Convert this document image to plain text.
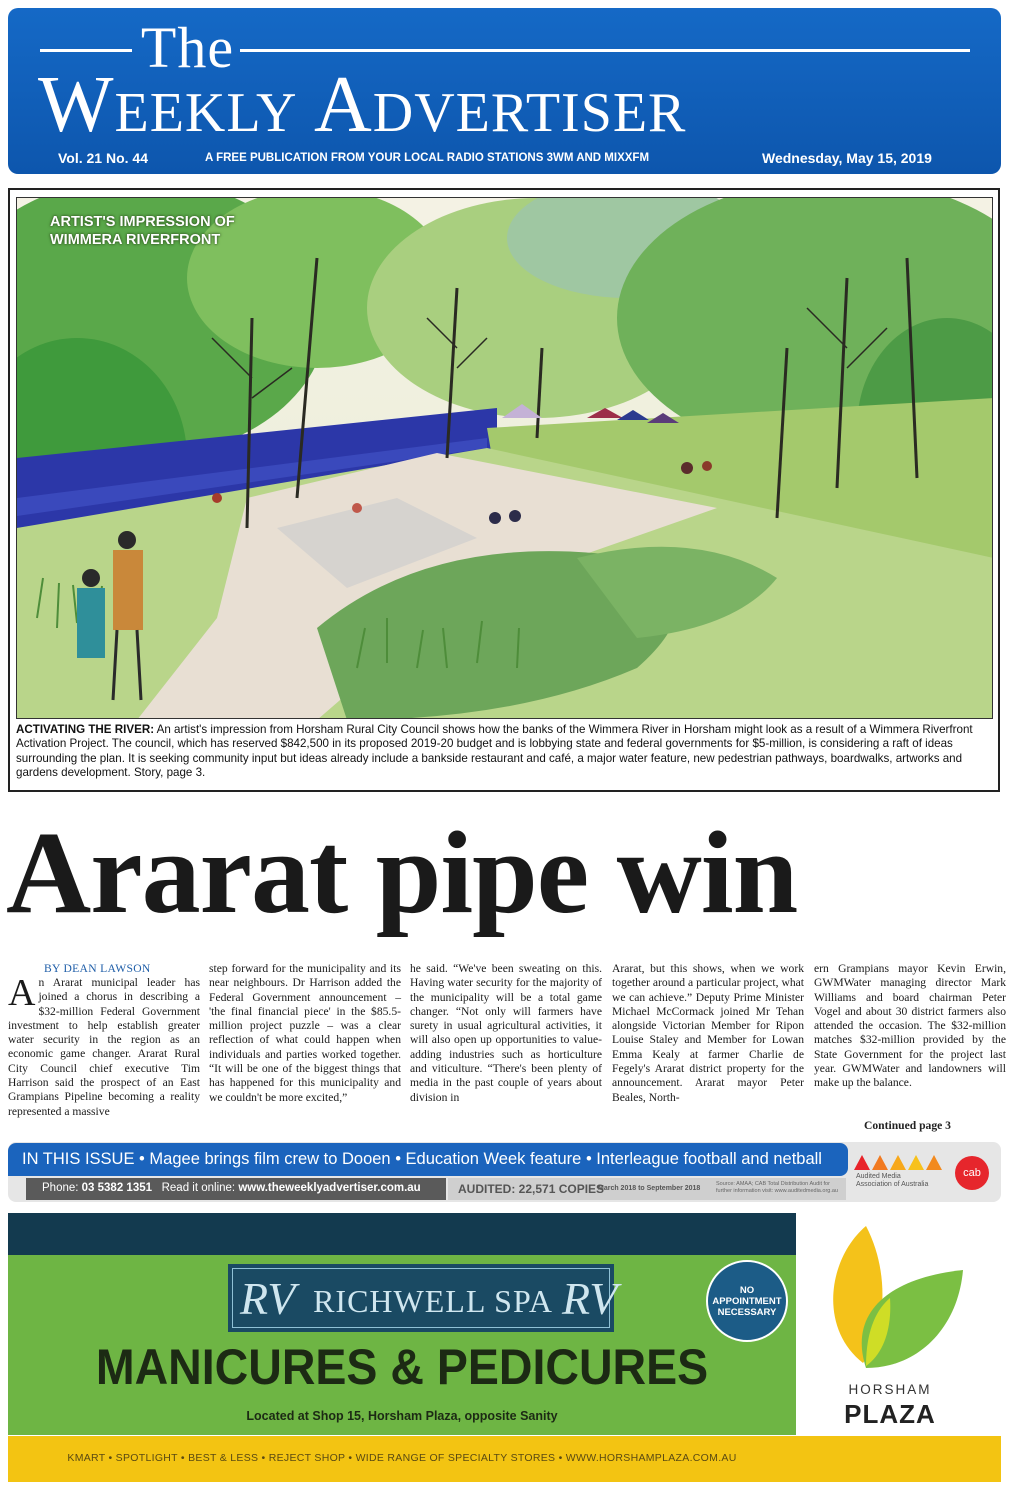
The
Weekly Advertiser
Vol. 21 No. 44	A FREE PUBLICATION FROM YOUR LOCAL RADIO STATIONS 3WM AND MIXXFM	Wednesday, May 15, 2019
ARTIST'S IMPRESSION OF
WIMMERA RIVERFRONT
ACTIVATING THE RIVER: An artist's impression from Horsham Rural City Council shows how the banks of the Wimmera River in Horsham might look as a result of a Wimmera Riverfront Activation Project. The council, which has reserved $842,500 in its proposed 2019-20 budget and is lobbying state and federal governments for $5-million, is considering a raft of ideas surrounding the plan. It is seeking community input but ideas already include a bankside restaurant and café, a major water feature, new pedestrian pathways, boardwalks, artworks and gardens development. Story, page 3.
Ararat pipe win
BY DEAN LAWSON
An Ararat municipal leader has joined a chorus in describing a $32-million Federal Government investment to help establish greater water security in the region as an economic game changer. Ararat Rural City Council chief executive Tim Harrison said the prospect of an East Grampians Pipeline becoming a reality represented a massive
step forward for the municipality and its near neighbours. Dr Harrison added the Federal Government announcement – 'the final financial piece' in the $85.5-million project puzzle – was a clear reflection of what could happen when individuals and parties worked together. “It will be one of the biggest things that has happened for this municipality and we couldn't be more excited,”
he said. “We've been sweating on this. Having water security for the majority of the municipality will be a total game changer. “Not only will farmers have surety in usual agricultural activities, it will also open up opportunities to value-adding industries such as horticulture and viticulture. “There's been plenty of media in the past couple of years about division in
Ararat, but this shows, when we work together around a particular project, what we can achieve.” Deputy Prime Minister Michael McCormack joined Mr Tehan alongside Victorian Member for Ripon Louise Staley and Member for Lowan Emma Kealy at farmer Charlie de Fegely's Ararat district property for the announcement. Ararat mayor Peter Beales, North-
ern Grampians mayor Kevin Erwin, GWMWater managing director Mark Williams and board chairman Peter Vogel and about 30 district farmers also attended the occasion. The $32-million matches $32-million provided by the State Government for the project last year. GWMWater and landowners will make up the balance.
Continued page 3
IN THIS ISSUE • Magee brings film crew to Dooen • Education Week feature • Interleague football and netball
Phone: 03 5382 1351 Read it online: www.theweeklyadvertiser.com.au	AUDITED: 22,571 COPIES
March 2018 to September 2018
Source: AMAA; CAB Total Distribution Audit for further information visit: www.auditedmedia.org.au
Audited Media
Association of Australia
cab
RV RICHWELL SPA RV	NO APPOINTMENT NECESSARY
MANICURES & PEDICURES
Located at Shop 15, Horsham Plaza, opposite Sanity
KMART • SPOTLIGHT • BEST & LESS • REJECT SHOP • WIDE RANGE OF SPECIALTY STORES • WWW.HORSHAMPLAZA.COM.AU
HORSHAM
PLAZA
